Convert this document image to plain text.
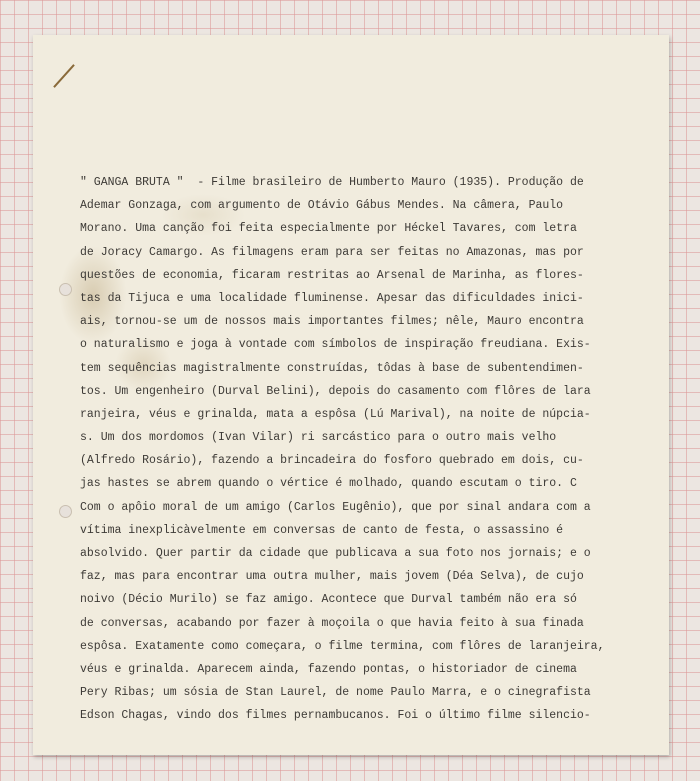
" GANGA BRUTA "  - Filme brasileiro de Humberto Mauro (1935). Produção de
Ademar Gonzaga, com argumento de Otávio Gábus Mendes. Na câmera, Paulo
Morano. Uma canção foi feita especialmente por Héckel Tavares, com letra
de Joracy Camargo. As filmagens eram para ser feitas no Amazonas, mas por
questões de economia, ficaram restritas ao Arsenal de Marinha, as flores-
tas da Tijuca e uma localidade fluminense. Apesar das dificuldades inici-
ais, tornou-se um de nossos mais importantes filmes; nêle, Mauro encontra
o naturalismo e joga à vontade com símbolos de inspiração freudiana. Exis-
tem sequências magistralmente construídas, tôdas à base de subentendimen-
tos. Um engenheiro (Durval Belini), depois do casamento com flôres de lara
ranjeira, véus e grinalda, mata a espôsa (Lú Marival), na noite de núpcia-
s. Um dos mordomos (Ivan Vilar) ri sarcástico para o outro mais velho
(Alfredo Rosário), fazendo a brincadeira do fosforo quebrado em dois, cu-
jas hastes se abrem quando o vértice é molhado, quando escutam o tiro. C
Com o apôio moral de um amigo (Carlos Eugênio), que por sinal andara com a
vítima inexplicàvelmente em conversas de canto de festa, o assassino é
absolvido. Quer partir da cidade que publicava a sua foto nos jornais; e o
faz, mas para encontrar uma outra mulher, mais jovem (Déa Selva), de cujo
noivo (Décio Murilo) se faz amigo. Acontece que Durval também não era só
de conversas, acabando por fazer à moçoila o que havia feito à sua finada
espôsa. Exatamente como começara, o filme termina, com flôres de laranjeira,
véus e grinalda. Aparecem ainda, fazendo pontas, o historiador de cinema
Pery Ribas; um sósia de Stan Laurel, de nome Paulo Marra, e o cinegrafista
Edson Chagas, vindo dos filmes pernambucanos. Foi o último filme silencio-
